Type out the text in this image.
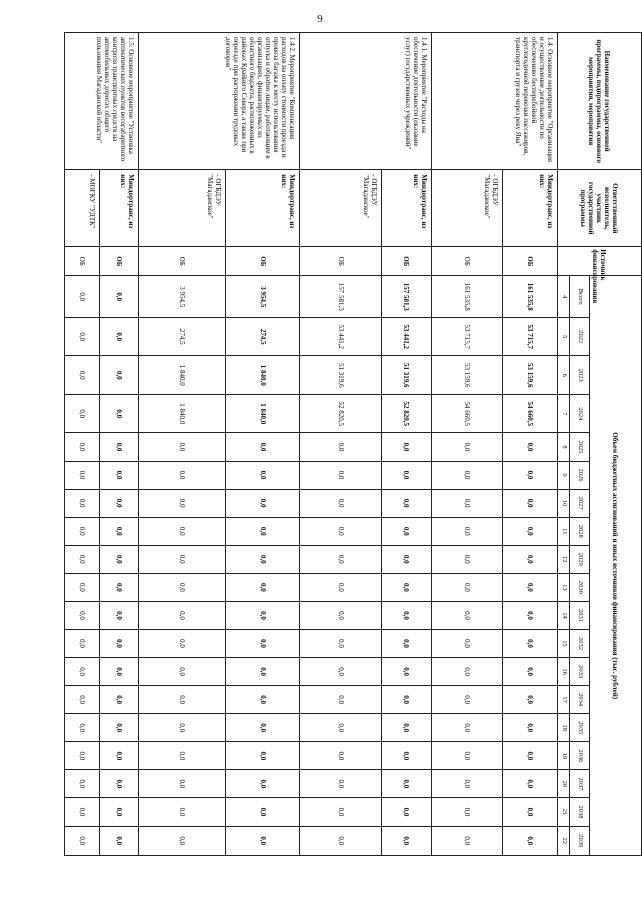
9
Наименование государственной программы, подпрограммы, основного мероприятия, мероприятия	Ответственный исполнитель, участник государственной программы	Источник финансирования	Объем бюджетных ассигнований и иных источников финансирования (тыс. рублей)																		
			Всего	2022	2023	2024	2025	2026	2027	2028	2029	2030	2031	2032	2033	2034	2035	2036	2037	2038	2039
			4	5	6	7	8	9	10	11	12	13	14	15	16	17	18	19	20	21	22
1.4. Основное мероприятие "Организация и осуществление деятельности по обеспечению бесперебойной круглогодичной перевозки пассажиров, транспорта и грузов через реку Яна"	Миндортранс, из них:	ОБ	161 535,8	53 715,7	53 159,6	54 660,5	0,0	0,0	0,0	0,0	0,0	0,0	0,0	0,0	0,0	0,0	0,0	0,0	0,0	0,0	0,0
	- ОГБДЭУ "Магаданское"	ОБ	161 535,8	53 715,7	53 159,6	54 660,5	0,0	0,0	0,0	0,0	0,0	0,0	0,0	0,0	0,0	0,0	0,0	0,0	0,0	0,0	0,0
1.4.1. Мероприятие "Расходы на обеспечение деятельности (оказание услуг) государственных учреждений"	Миндортранс, из них:	ОБ	157 581,3	53 441,2	51 319,6	52 820,5	0,0	0,0	0,0	0,0	0,0	0,0	0,0	0,0	0,0	0,0	0,0	0,0	0,0	0,0	0,0
	- ОГБДЭУ "Магаданское"	ОБ	157 581,3	53 441,2	51 319,6	52 820,5	0,0	0,0	0,0	0,0	0,0	0,0	0,0	0,0	0,0	0,0	0,0	0,0	0,0	0,0	0,0
1.4.2. Мероприятие "Компенсация расходов на оплату стоимости проезда и провоза багажа к месту использования отпуска и обратно лицам, работающим в организациях, финансируемых из областного бюджета, расположенных в районах Крайнего Севера, а также при переезде при расторжении трудовых договоров"	Миндортранс, из них:	ОБ	3 954,5	274,5	1 840,0	1 840,0	0,0	0,0	0,0	0,0	0,0	0,0	0,0	0,0	0,0	0,0	0,0	0,0	0,0	0,0	0,0
	- ОГБДЭУ "Магаданское"	ОБ	3 954,5	274,5	1 840,0	1 840,0	0,0	0,0	0,0	0,0	0,0	0,0	0,0	0,0	0,0	0,0	0,0	0,0	0,0	0,0	0,0
1.5. Основное мероприятие "Установка автоматических пунктов весогабаритного контроля транспортных средств на автомобильных дорогах общего пользования Магаданской области"	Миндортранс, из них:	ОБ	0,0	0,0	0,0	0,0	0,0	0,0	0,0	0,0	0,0	0,0	0,0	0,0	0,0	0,0	0,0	0,0	0,0	0,0	0,0
	- МОГКУ "УДТК"	ОБ	0,0	0,0	0,0	0,0	0,0	0,0	0,0	0,0	0,0	0,0	0,0	0,0	0,0	0,0	0,0	0,0	0,0	0,0	0,0
